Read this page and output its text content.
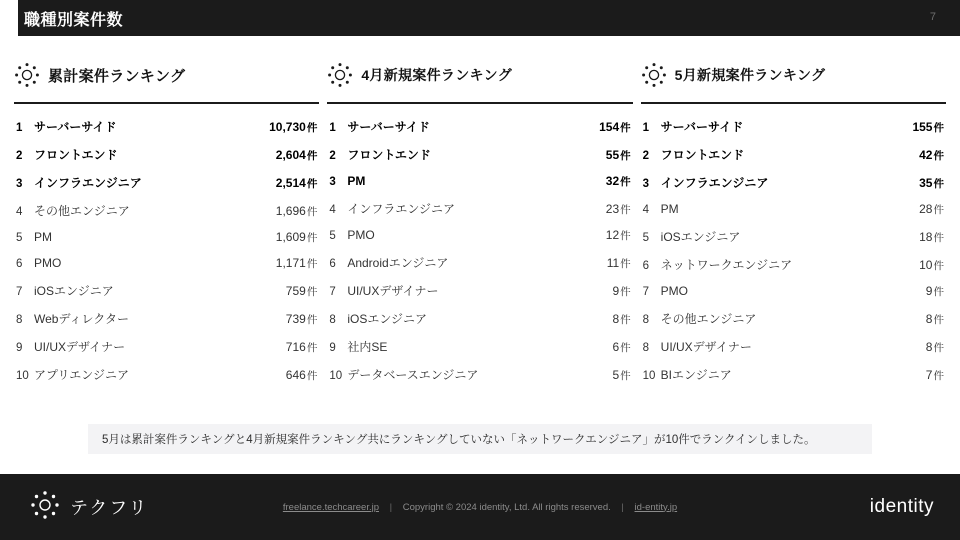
職種別案件数	7
累計案件ランキング
1 サーバーサイド	10,730件
2 フロントエンド	2,604件
3 インフラエンジニア	2,514件
4 その他エンジニア	1,696件
5 PM	1,609件
6 PMO	1,171件
7 iOSエンジニア	759件
8 Webディレクター	739件
9 UI/UXデザイナー	716件
10 アプリエンジニア	646件
4月新規案件ランキング
1 サーバーサイド	154件
2 フロントエンド	55件
3 PM	32件
4 インフラエンジニア	23件
5 PMO	12件
6 Androidエンジニア	11件
7 UI/UXデザイナー	9件
8 iOSエンジニア	8件
9 社内SE	6件
10 データベースエンジニア	5件
5月新規案件ランキング
1 サーバーサイド	155件
2 フロントエンド	42件
3 インフラエンジニア	35件
4 PM	28件
5 iOSエンジニア	18件
6 ネットワークエンジニア	10件
7 PMO	9件
8 その他エンジニア	8件
8 UI/UXデザイナー	8件
10 BIエンジニア	7件
5月は累計案件ランキングと4月新規案件ランキング共にランキングしていない「ネットワークエンジニア」が10件でランクインしました。
テクフリ	freelance.techcareer.jp | Copyright © 2024 identity, Ltd. All rights reserved. | id-entity.jp	identity
